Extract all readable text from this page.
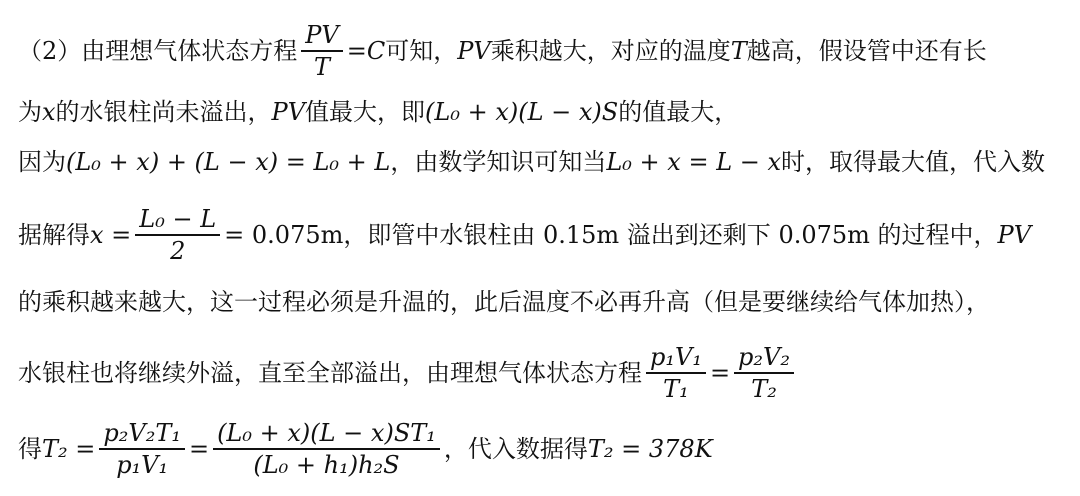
（2）由理想气体状态方程 $\frac{PV}{T} = C$ 可知， PV 乘积越大，对应的温度 T 越高，假设管中还有长
为 x 的水银柱尚未溢出， PV 值最大，即 (L₀ + x)(L − x)S 的值最大，
因为 (L₀ + x) + (L − x) = L₀ + L ，由数学知识可知当 L₀ + x = L − x 时，取得最大值，代入数
据解得 $x = \frac{\text{L₀ − L}}{2} = 0.075m$，即管中水银柱由 0.15m 溢出到还剩下 0.075m 的过程中， PV
的乘积越来越大，这一过程必须是升温的，此后温度不必再升高（但是要继续给气体加热），
水银柱也将继续外溢，直至全部溢出，由理想气体状态方程 $\frac{\text{p₁V₁}}{\text{T₁}} = \frac{\text{p₂V₂}}{\text{T₂}}$
得 $T_2 = \frac{\text{p₂V₂T₁}}{\text{p₁V₁}} = \frac{\text{(L₀ + x)(L − x)ST₁}}{\text{(L₀ + h₁)h₂S}}$ ，代入数据得 T₂ = 378K
